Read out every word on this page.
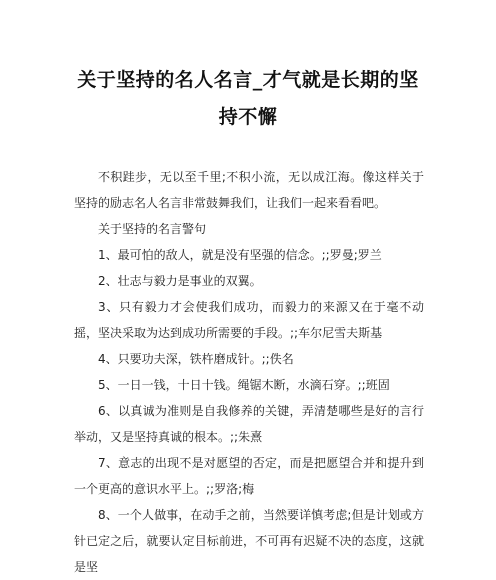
关于坚持的名人名言_才气就是长期的坚持不懈

不积跬步，无以至千里;不积小流，无以成江海。像这样关于坚持的励志名人名言非常鼓舞我们，让我们一起来看看吧。

关于坚持的名言警句

1、最可怕的敌人，就是没有坚强的信念。;;罗曼;罗兰

2、壮志与毅力是事业的双翼。

3、只有毅力才会使我们成功，而毅力的来源又在于毫不动摇，坚决采取为达到成功所需要的手段。;;车尔尼雪夫斯基

4、只要功夫深，铁杵磨成针。;;佚名

5、一日一钱，十日十钱。绳锯木断，水滴石穿。;;班固

6、以真诚为准则是自我修养的关键，弄清楚哪些是好的言行举动，又是坚持真诚的根本。;;朱熹

7、意志的出现不是对愿望的否定，而是把愿望合并和提升到一个更高的意识水平上。;;罗洛;梅

8、一个人做事，在动手之前，当然要详慎考虑;但是计划或方针已定之后，就要认定目标前进，不可再有迟疑不决的态度，这就是坚
